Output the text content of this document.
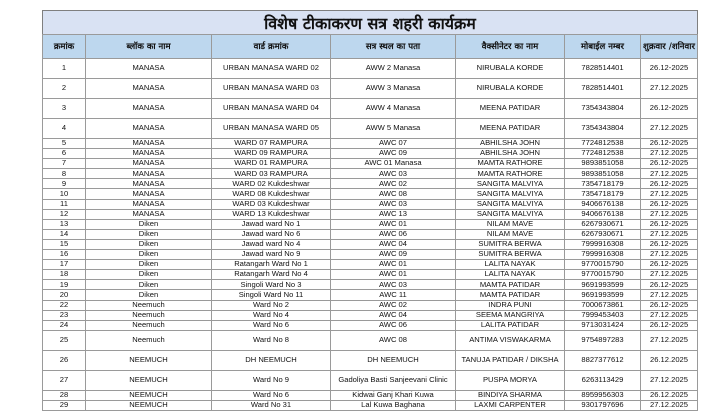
विशेष टीकाकरण सत्र शहरी कार्यक्रम
क्रमांक	ब्लॉक का नाम	वार्ड क्रमांक	सत्र स्थल का पता	वैक्सीनेटर का नाम	मोबाईल नम्बर	शुक्रवार /शनिवार
1	MANASA	URBAN MANASA WARD 02	AWW 2 Manasa	NIRUBALA KORDE	7828514401	26.12-2025
2	MANASA	URBAN MANASA WARD 03	AWW 3 Manasa	NIRUBALA KORDE	7828514401	27.12.2025
3	MANASA	URBAN MANASA WARD 04	AWW 4 Manasa	MEENA PATIDAR	7354343804	26.12-2025
4	MANASA	URBAN MANASA WARD 05	AWW 5 Manasa	MEENA PATIDAR	7354343804	27.12.2025
5	MANASA	WARD 07 RAMPURA	AWC 07	ABHILSHA JOHN	7724812538	26.12-2025
6	MANASA	WARD 09 RAMPURA	AWC 09	ABHILSHA JOHN	7724812538	27.12.2025
7	MANASA	WARD 01 RAMPURA	AWC 01 Manasa	MAMTA RATHORE	9893851058	26.12-2025
8	MANASA	WARD 03 RAMPURA	AWC 03	MAMTA RATHORE	9893851058	27.12.2025
9	MANASA	WARD 02 Kukdeshwar	AWC 02	SANGITA MALVIYA	7354718179	26.12-2025
10	MANASA	WARD 08 Kukdeshwar	AWC 08	SANGITA MALVIYA	7354718179	27.12.2025
11	MANASA	WARD 03 Kukdeshwar	AWC 03	SANGITA MALVIYA	9406676138	26.12-2025
12	MANASA	WARD 13 Kukdeshwar	AWC 13	SANGITA MALVIYA	9406676138	27.12.2025
13	Diken	Jawad ward No 1	AWC 01	NILAM MAVE	6267930671	26.12-2025
14	Diken	Jawad ward No 6	AWC 06	NILAM MAVE	6267930671	27.12.2025
15	Diken	Jawad ward No 4	AWC 04	SUMITRA BERWA	7999916308	26.12-2025
16	Diken	Jawad ward No 9	AWC 09	SUMITRA BERWA	7999916308	27.12.2025
17	Diken	Ratangarh Ward No 1	AWC 01	LALITA NAYAK	9770015790	26.12-2025
18	Diken	Ratangarh Ward No 4	AWC 01	LALITA NAYAK	9770015790	27.12.2025
19	Diken	Singoli Ward No 3	AWC 03	MAMTA PATIDAR	9691993599	26.12-2025
20	Diken	Singoli Ward No 11	AWC 11	MAMTA PATIDAR	9691993599	27.12.2025
22	Neemuch	Ward No 2	AWC 02	INDRA PUNI	7000673861	26.12-2025
23	Neemuch	Ward No 4	AWC 04	SEEMA MANGRIYA	7999453403	27.12.2025
24	Neemuch	Ward No 6	AWC 06	LALITA PATIDAR	9713031424	26.12-2025
25	Neemuch	Ward No 8	AWC 08	ANTIMA VISWAKARMA	9754897283	27.12.2025
26	NEEMUCH	DH NEEMUCH	DH NEEMUCH	TANUJA PATIDAR / DIKSHA	8827377612	26.12.2025
27	NEEMUCH	Ward No 9	Gadoliya Basti Sanjeevani Clinic	PUSPA MORYA	6263113429	27.12.2025
28	NEEMUCH	Ward No 6	Kidwai Ganj Khari Kuwa	BINDIYA SHARMA	8959956303	26.12.2025
29	NEEMUCH	Ward No 31	Lal Kuwa Baghana	LAXMI CARPENTER	9301797696	27.12.2025
